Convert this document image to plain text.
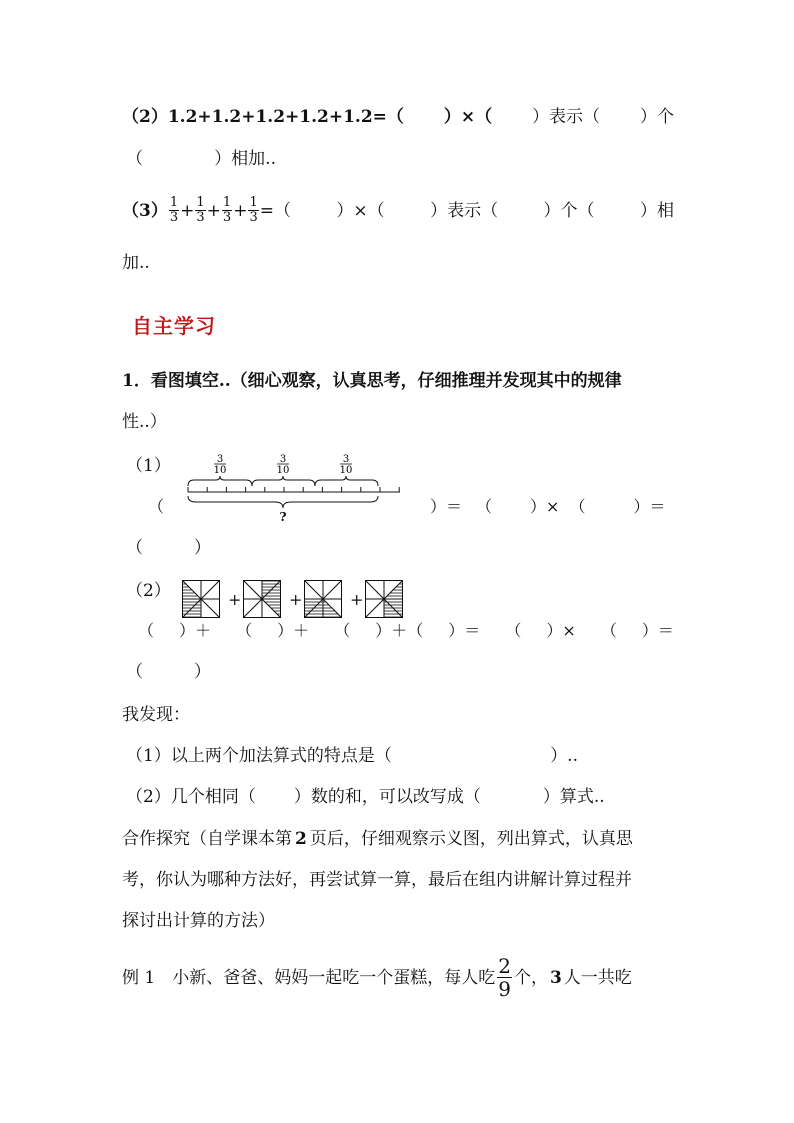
（2）1.2+1.2+1.2+1.2+1.2=（ ）×（ ）表示（ ）个
（	）相加..
$(3) \frac{1}{3} + \frac{1}{3} + \frac{1}{3} + \frac{1}{3}$ =（	）×（	）表示（	）个（	）相
加..
自主学习
1．看图填空..（细心观察，认真思考，仔细推理并发现其中的规律
性..）
（1）	3
10
3
10
3
10
?
（	）＝ （ ）× （	）＝
（　　　）
（2）	+	+	+
（ ）＋ （ ）＋ （ ）＋（ ）＝ （ ）× （ ）＝
（　　　）
我发现：
（1）以上两个加法算式的特点是（	）..
（2）几个相同（ ）数的和，可以改写成（	）算式..
合作探究（自学课本第 2 页后，仔细观察示义图，列出算式，认真思
考，你认为哪种方法好，再尝试算一算，最后在组内讲解计算过程并
探讨出计算的方法）
例 1　小新、爸爸、妈妈一起吃一个蛋糕，每人吃 $\frac{2}{9}$ 个， 3 人一共吃
